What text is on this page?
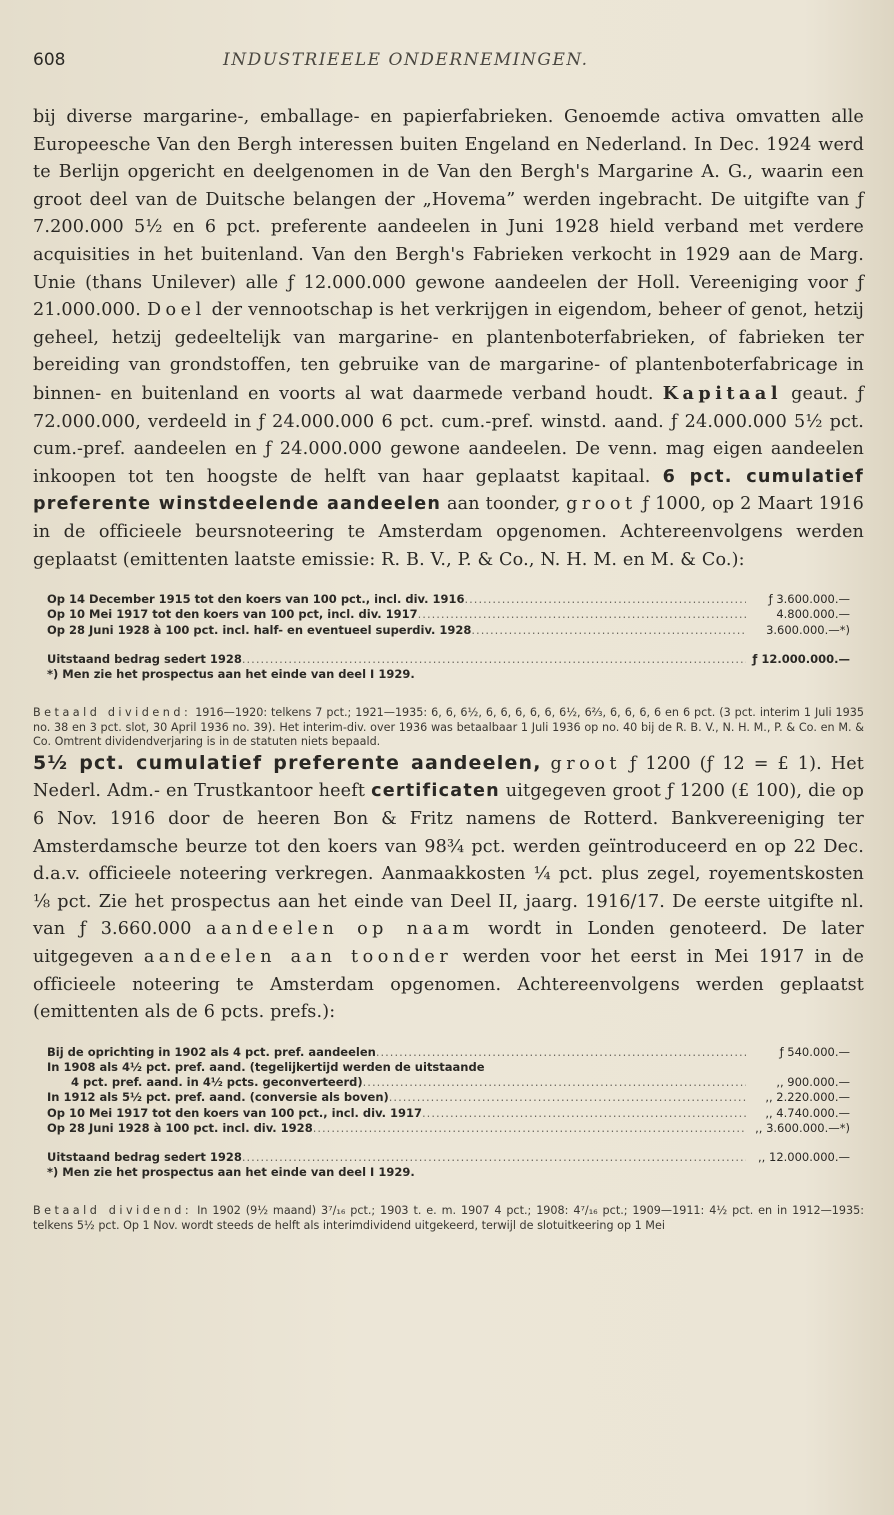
608	INDUSTRIEELE ONDERNEMINGEN.

bij diverse margarine-, emballage- en papierfabrieken. Genoemde activa omvatten alle Europeesche Van den Bergh interessen buiten Engeland en Nederland. In Dec. 1924 werd te Berlijn opgericht en deelgenomen in de Van den Bergh's Margarine A. G., waarin een groot deel van de Duitsche belangen der „Hovema” werden ingebracht. De uitgifte van ƒ 7.200.000 5½ en 6 pct. preferente aandeelen in Juni 1928 hield verband met verdere acquisities in het buitenland. Van den Bergh's Fabrieken verkocht in 1929 aan de Marg. Unie (thans Unilever) alle ƒ 12.000.000 gewone aandeelen der Holl. Vereeniging voor ƒ 21.000.000. Doel der vennootschap is het verkrijgen in eigendom, beheer of genot, hetzij geheel, hetzij gedeeltelijk van margarine- en plantenboterfabrieken, of fabrieken ter bereiding van grondstoffen, ten gebruike van de margarine- of plantenboterfabricage in binnen- en buitenland en voorts al wat daarmede verband houdt. Kapitaal geaut. ƒ 72.000.000, verdeeld in ƒ 24.000.000 6 pct. cum.-pref. winstd. aand. ƒ 24.000.000 5½ pct. cum.-pref. aandeelen en ƒ 24.000.000 gewone aandeelen. De venn. mag eigen aandeelen inkoopen tot ten hoogste de helft van haar geplaatst kapitaal. 6 pct. cumulatief preferente winstdeelende aandeelen aan toonder, groot ƒ 1000, op 2 Maart 1916 in de officieele beursnoteering te Amsterdam opgenomen. Achtereenvolgens werden geplaatst (emittenten laatste emissie: R. B. V., P. & Co., N. H. M. en M. & Co.):

Op 14 December 1915 tot den koers van 100 pct., incl. div. 1916 .....	ƒ 3.600.000.—
Op 10 Mei 1917 tot den koers van 100 pct, incl. div. 1917 .....	4.800.000.—
Op 28 Juni 1928 à 100 pct. incl. half- en eventueel superdiv. 1928 .....	3.600.000.—*)
Uitstaand bedrag sedert 1928 .....	ƒ 12.000.000.—
*) Men zie het prospectus aan het einde van deel I 1929.

Betaald dividend: 1916—1920: telkens 7 pct.; 1921—1935: 6, 6, 6½, 6, 6, 6, 6, 6, 6½, 6⅔, 6, 6, 6, 6 en 6 pct. (3 pct. interim 1 Juli 1935 no. 38 en 3 pct. slot, 30 April 1936 no. 39). Het interim-div. over 1936 was betaalbaar 1 Juli 1936 op no. 40 bij de R. B. V., N. H. M., P. & Co. en M. & Co. Omtrent dividendverjaring is in de statuten niets bepaald.

5½ pct. cumulatief preferente aandeelen, groot ƒ 1200 (ƒ 12 = £ 1). Het Nederl. Adm.- en Trustkantoor heeft certificaten uitgegeven groot ƒ 1200 (£ 100), die op 6 Nov. 1916 door de heeren Bon & Fritz namens de Rotterd. Bankvereeniging ter Amsterdamsche beurze tot den koers van 98¾ pct. werden geïntroduceerd en op 22 Dec. d.a.v. officieele noteering verkregen. Aanmaakkosten ¼ pct. plus zegel, royementskosten ⅛ pct. Zie het prospectus aan het einde van Deel II, jaarg. 1916/17. De eerste uitgifte nl. van ƒ 3.660.000 aandeelen op naam wordt in Londen genoteerd. De later uitgegeven aandeelen aan toonder werden voor het eerst in Mei 1917 in de officieele noteering te Amsterdam opgenomen. Achtereenvolgens werden geplaatst (emittenten als de 6 pcts. prefs.):

Bij de oprichting in 1902 als 4 pct. pref. aandeelen .....	ƒ 540.000.—
In 1908 als 4½ pct. pref. aand. (tegelijkertijd werden de uitstaande
4 pct. pref. aand. in 4½ pcts. geconverteerd) .....	,, 900.000.—
In 1912 als 5½ pct. pref. aand. (conversie als boven) .....	,, 2.220.000.—
Op 10 Mei 1917 tot den koers van 100 pct., incl. div. 1917 .....	,, 4.740.000.—
Op 28 Juni 1928 à 100 pct. incl. div. 1928 .....	,, 3.600.000.—*)
Uitstaand bedrag sedert 1928 .....	,, 12.000.000.—
*) Men zie het prospectus aan het einde van deel I 1929.

Betaald dividend: In 1902 (9½ maand) 3⁷/₁₆ pct.; 1903 t. e. m. 1907 4 pct.; 1908: 4⁷/₁₆ pct.; 1909—1911: 4½ pct. en in 1912—1935: telkens 5½ pct. Op 1 Nov. wordt steeds de helft als interimdividend uitgekeerd, terwijl de slotuitkeering op 1 Mei
